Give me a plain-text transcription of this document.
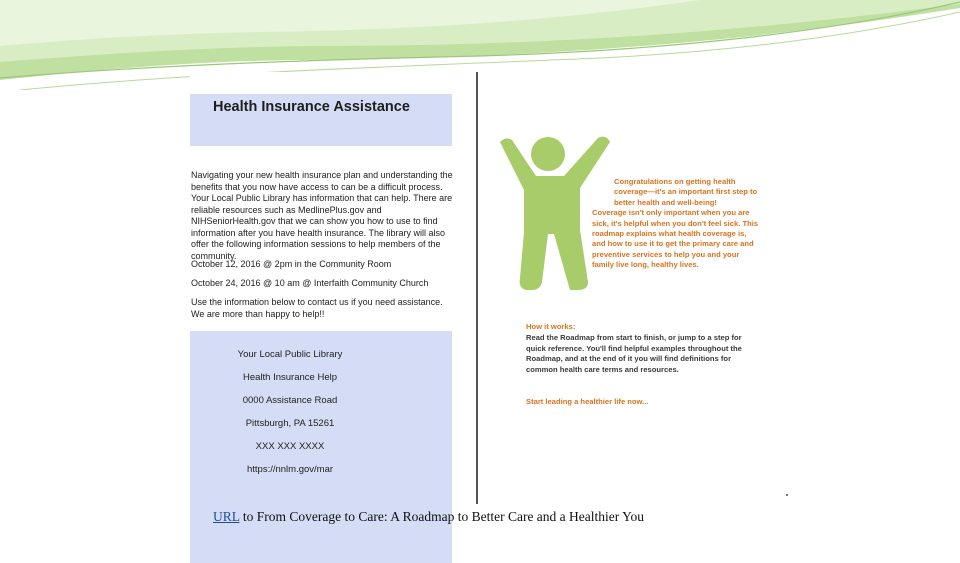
Health Insurance Assistance
Navigating your new health insurance plan and understanding the benefits that you now have access to can be a difficult process. Your Local Public Library has information that can help. There are reliable resources such as MedlinePlus.gov and NIHSeniorHealth.gov that we can show you how to use to find information after you have health insurance. The library will also offer the following information sessions to help members of the community.
October 12, 2016 @ 2pm in the Community Room
October 24, 2016 @ 10 am @ Interfaith Community Church
Use the information below to contact us if you need assistance. We are more than happy to help!!
Your Local Public Library
Health Insurance Help
0000 Assistance Road
Pittsburgh, PA 15261
XXX XXX XXXX
https://nnlm.gov/mar
Congratulations on getting health coverage—it's an important first step to better health and well-being!
Coverage isn't only important when you are sick, it's helpful when you don't feel sick. This roadmap explains what health coverage is, and how to use it to get the primary care and preventive services to help you and your family live long, healthy lives.
How it works:
Read the Roadmap from start to finish, or jump to a step for quick reference. You'll find helpful examples throughout the Roadmap, and at the end of it you will find definitions for common health care terms and resources.
Start leading a healthier life now...
URL to From Coverage to Care: A Roadmap to Better Care and a Healthier You
